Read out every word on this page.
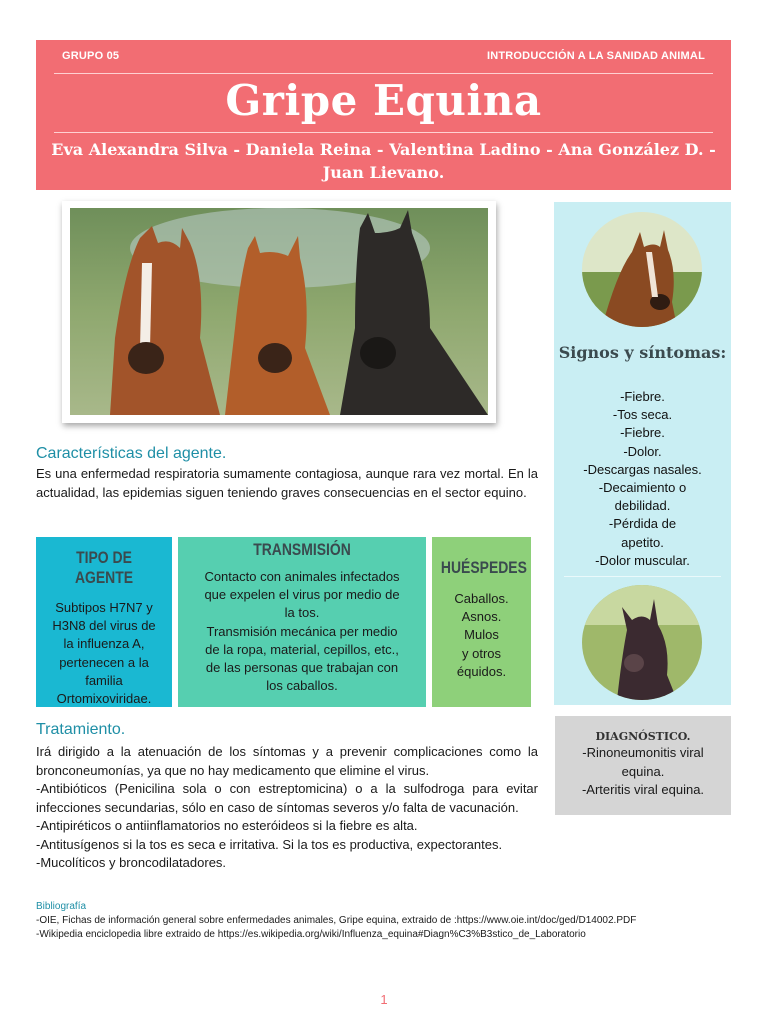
GRUPO 05	INTRODUCCIÓN A LA SANIDAD ANIMAL
Gripe Equina
Eva Alexandra Silva - Daniela Reina - Valentina Ladino - Ana González D. - Juan Lievano.
Signos y síntomas:
-Fiebre.
-Tos seca.
-Fiebre.
-Dolor.
-Descargas nasales.
-Decaimiento o
debilidad.
-Pérdida de
apetito.
-Dolor muscular.
Características del agente.
Es una enfermedad respiratoria sumamente contagiosa, aunque rara vez mortal. En la actualidad, las epidemias siguen teniendo graves consecuencias en el sector equino.
TIPO DE AGENTE
Subtipos H7N7 y
H3N8 del virus de
la influenza A,
pertenecen a la
familia
Ortomixoviridae.
TRANSMISIÓN
Contacto con animales infectados
que expelen el virus por medio de
la tos.
Transmisión mecánica per medio
de la ropa, material, cepillos, etc.,
de las personas que trabajan con
los caballos.
HUÉSPEDES
Caballos.
Asnos.
Mulos
y otros
équidos.
DIAGNÓSTICO.
-Rinoneumonitis viral
equina.
-Arteritis viral equina.
Tratamiento.
Irá dirigido a la atenuación de los síntomas y a prevenir complicaciones como la bronconeumonías, ya que no hay medicamento que elimine el virus.
-Antibióticos (Penicilina sola o con estreptomicina) o a la sulfodroga para evitar infecciones secundarias, sólo en caso de síntomas severos y/o falta de vacunación.
-Antipiréticos o antiinflamatorios no esteróideos si la fiebre es alta.
-Antitusígenos si la tos es seca e irritativa. Si la tos es productiva, expectorantes.
-Mucolíticos y broncodilatadores.
Bibliografía
-OIE, Fichas de información general sobre enfermedades animales, Gripe equina, extraido de :https://www.oie.int/doc/ged/D14002.PDF
-Wikipedia enciclopedia libre extraido de https://es.wikipedia.org/wiki/Influenza_equina#Diagn%C3%B3stico_de_Laboratorio
1
